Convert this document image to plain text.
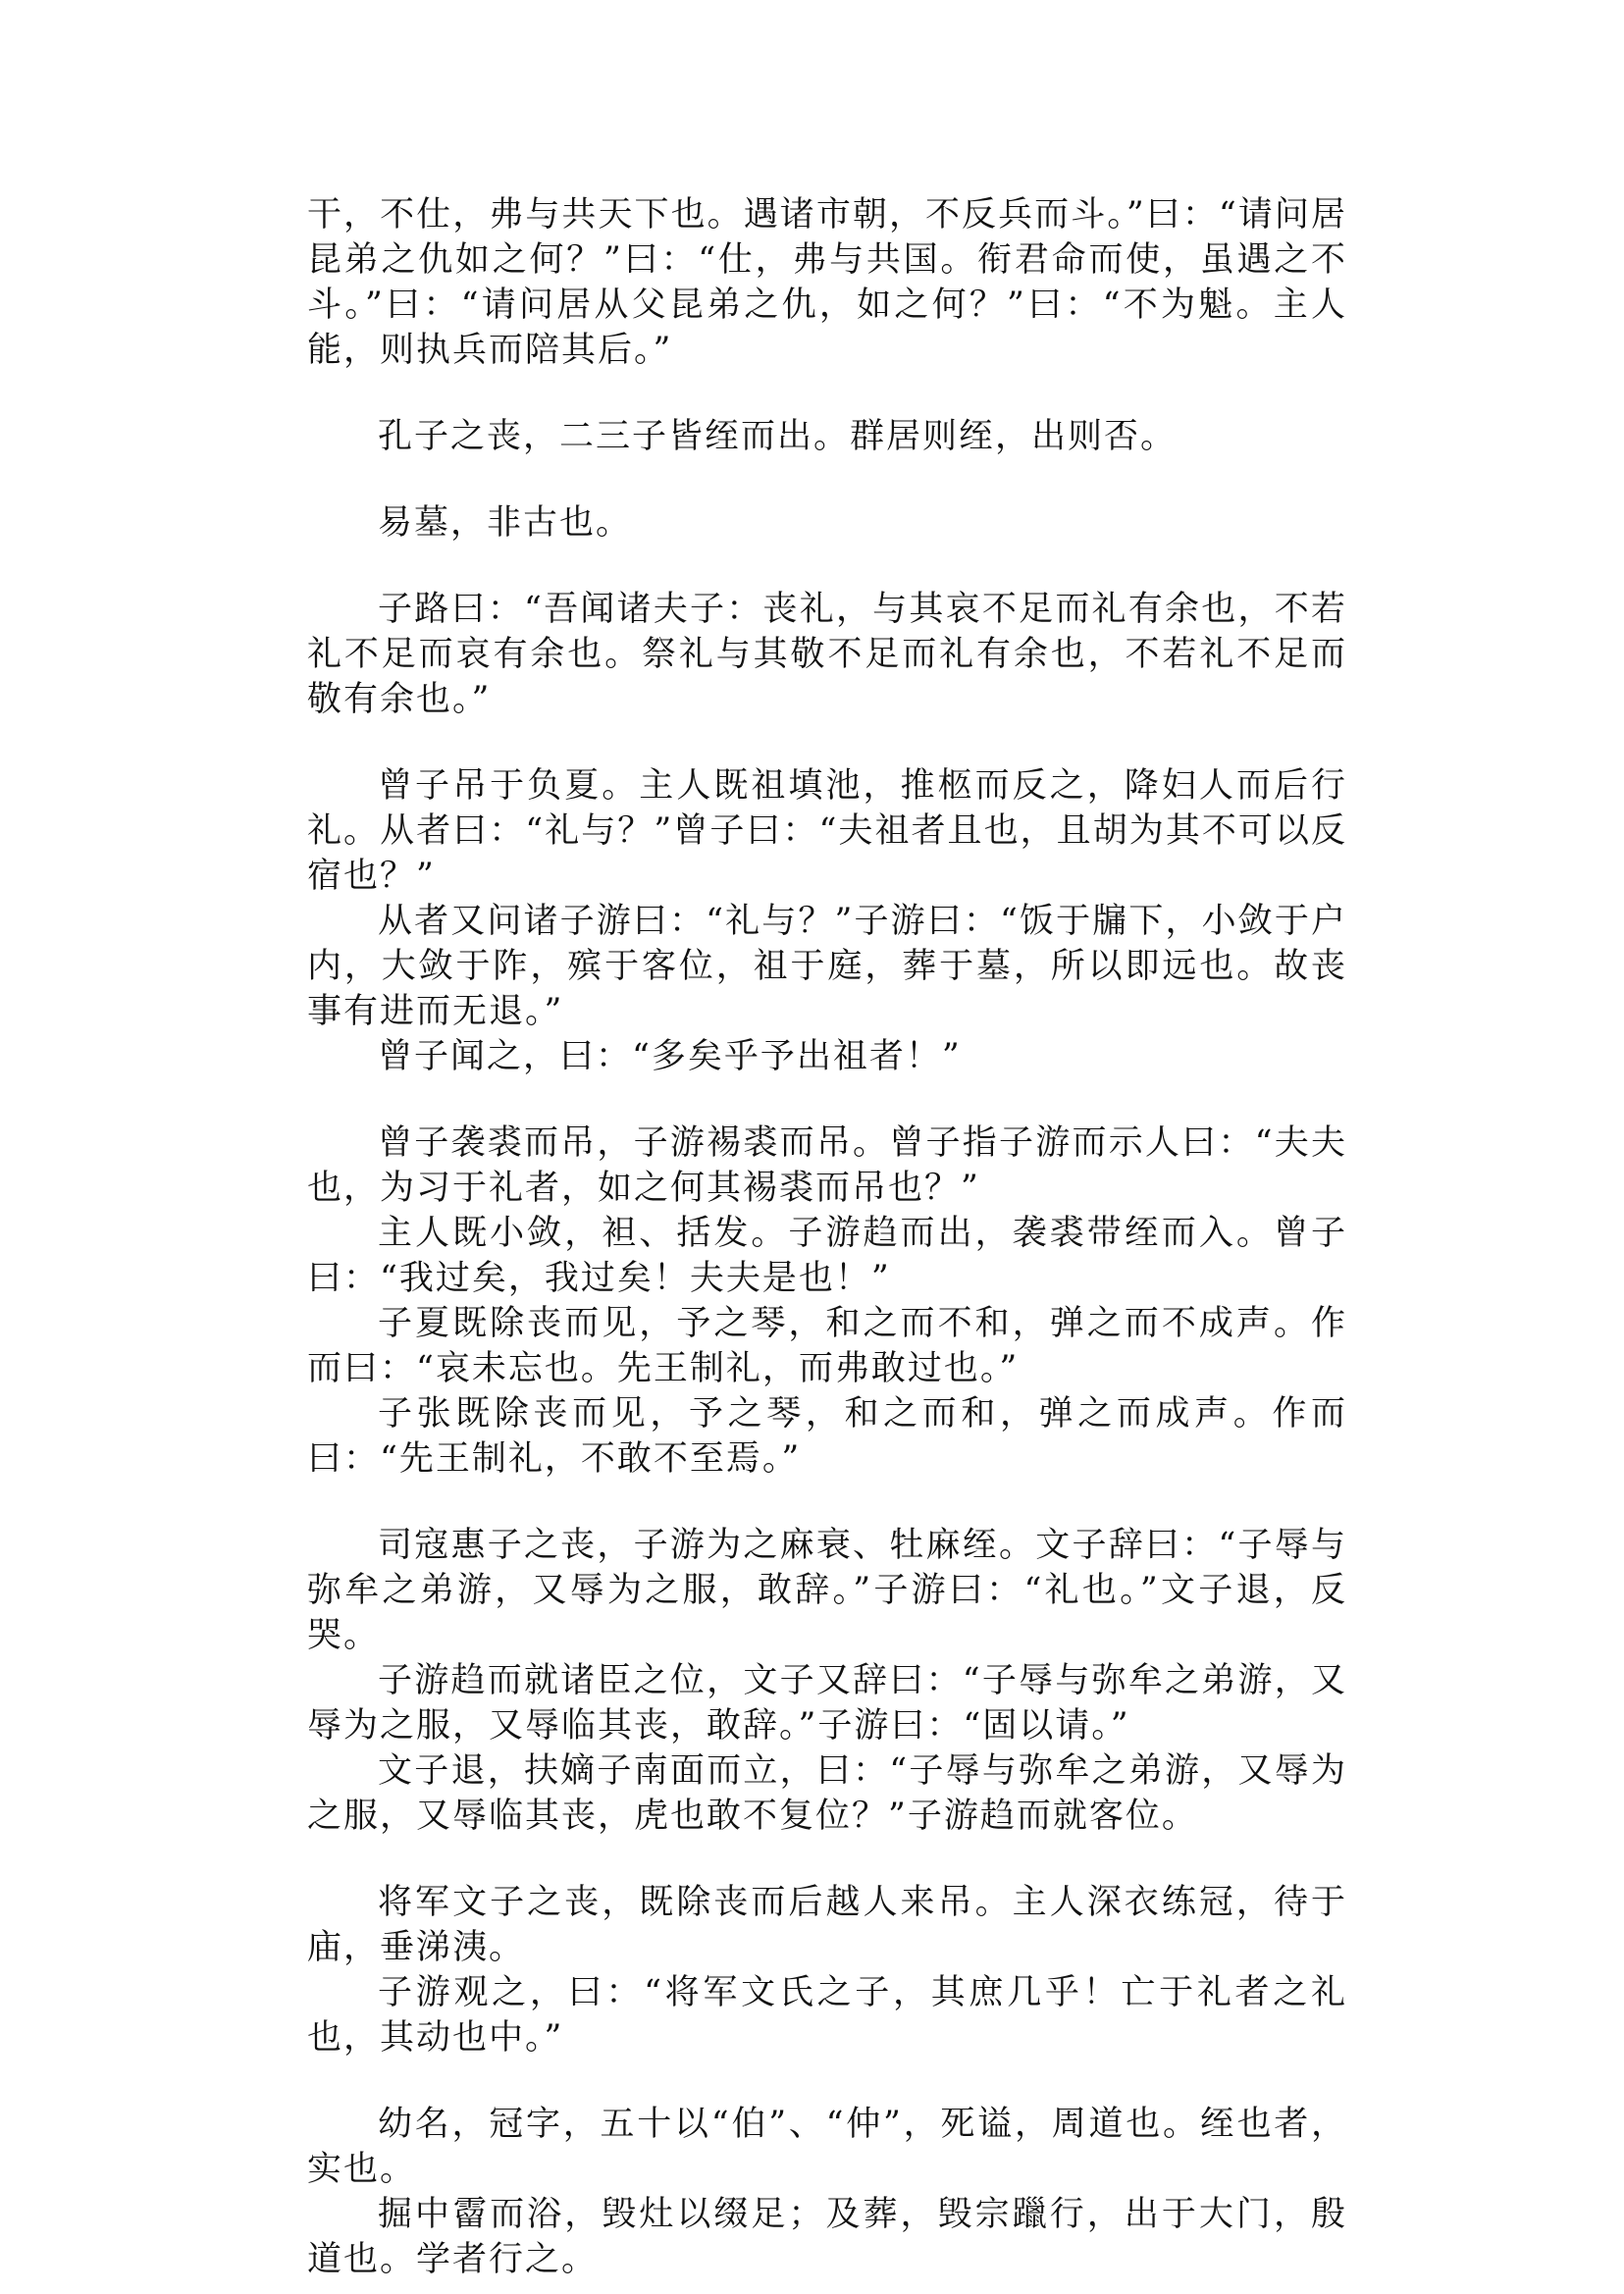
干，不仕，弗与共天下也。遇诸市朝，不反兵而斗。”曰：“请问居昆弟之仇如之何？”曰：“仕，弗与共国。衔君命而使，虽遇之不斗。”曰：“请问居从父昆弟之仇，如之何？”曰：“不为魁。主人能，则执兵而陪其后。”

孔子之丧，二三子皆绖而出。群居则绖，出则否。

易墓，非古也。

子路曰：“吾闻诸夫子：丧礼，与其哀不足而礼有余也，不若礼不足而哀有余也。祭礼与其敬不足而礼有余也，不若礼不足而敬有余也。”

曾子吊于负夏。主人既祖填池，推柩而反之，降妇人而后行礼。从者曰：“礼与？”曾子曰：“夫祖者且也，且胡为其不可以反宿也？”

从者又问诸子游曰：“礼与？”子游曰：“饭于牖下，小敛于户内，大敛于阼，殡于客位，祖于庭，葬于墓，所以即远也。故丧事有进而无退。”

曾子闻之，曰：“多矣乎予出祖者！”

曾子袭裘而吊，子游裼裘而吊。曾子指子游而示人曰：“夫夫也，为习于礼者，如之何其裼裘而吊也？”

主人既小敛，袒、括发。子游趋而出，袭裘带绖而入。曾子曰：“我过矣，我过矣！夫夫是也！”

子夏既除丧而见，予之琴，和之而不和，弹之而不成声。作而曰：“哀未忘也。先王制礼，而弗敢过也。”

子张既除丧而见，予之琴，和之而和，弹之而成声。作而曰：“先王制礼，不敢不至焉。”

司寇惠子之丧，子游为之麻衰、牡麻绖。文子辞曰：“子辱与弥牟之弟游，又辱为之服，敢辞。”子游曰：“礼也。”文子退，反哭。

子游趋而就诸臣之位，文子又辞曰：“子辱与弥牟之弟游，又辱为之服，又辱临其丧，敢辞。”子游曰：“固以请。”

文子退，扶嫡子南面而立，曰：“子辱与弥牟之弟游，又辱为之服，又辱临其丧，虎也敢不复位？”子游趋而就客位。

将军文子之丧，既除丧而后越人来吊。主人深衣练冠，待于庙，垂涕洟。

子游观之，曰：“将军文氏之子，其庶几乎！亡于礼者之礼也，其动也中。”

幼名，冠字，五十以“伯”、“仲”，死谥，周道也。绖也者，实也。

掘中霤而浴，毁灶以缀足；及葬，毁宗躐行，出于大门，殷道也。学者行之。
